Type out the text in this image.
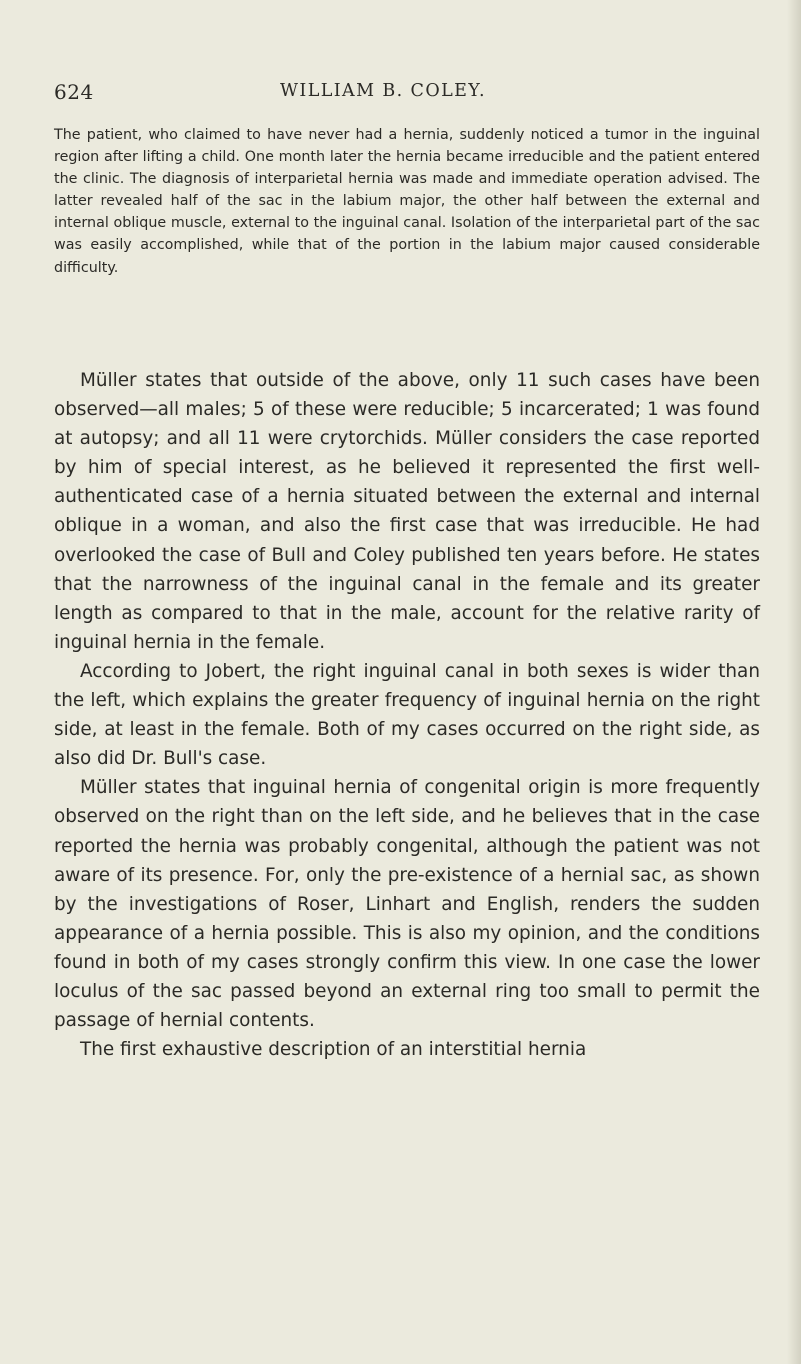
624	WILLIAM B. COLEY.

The patient, who claimed to have never had a hernia, suddenly noticed a tumor in the inguinal region after lifting a child. One month later the hernia became irreducible and the patient entered the clinic. The diagnosis of interparietal hernia was made and immediate operation advised. The latter revealed half of the sac in the labium major, the other half between the external and internal oblique muscle, external to the inguinal canal. Isolation of the interparietal part of the sac was easily accomplished, while that of the portion in the labium major caused considerable difficulty.

Müller states that outside of the above, only 11 such cases have been observed—all males; 5 of these were reducible; 5 incarcerated; 1 was found at autopsy; and all 11 were crytorchids. Müller considers the case reported by him of special interest, as he believed it represented the first well-authenticated case of a hernia situated between the external and internal oblique in a woman, and also the first case that was irreducible. He had overlooked the case of Bull and Coley published ten years before. He states that the narrowness of the inguinal canal in the female and its greater length as compared to that in the male, account for the relative rarity of inguinal hernia in the female.

According to Jobert, the right inguinal canal in both sexes is wider than the left, which explains the greater frequency of inguinal hernia on the right side, at least in the female. Both of my cases occurred on the right side, as also did Dr. Bull's case.

Müller states that inguinal hernia of congenital origin is more frequently observed on the right than on the left side, and he believes that in the case reported the hernia was probably congenital, although the patient was not aware of its presence. For, only the pre-existence of a hernial sac, as shown by the investigations of Roser, Linhart and English, renders the sudden appearance of a hernia possible. This is also my opinion, and the conditions found in both of my cases strongly confirm this view. In one case the lower loculus of the sac passed beyond an external ring too small to permit the passage of hernial contents.

The first exhaustive description of an interstitial hernia
